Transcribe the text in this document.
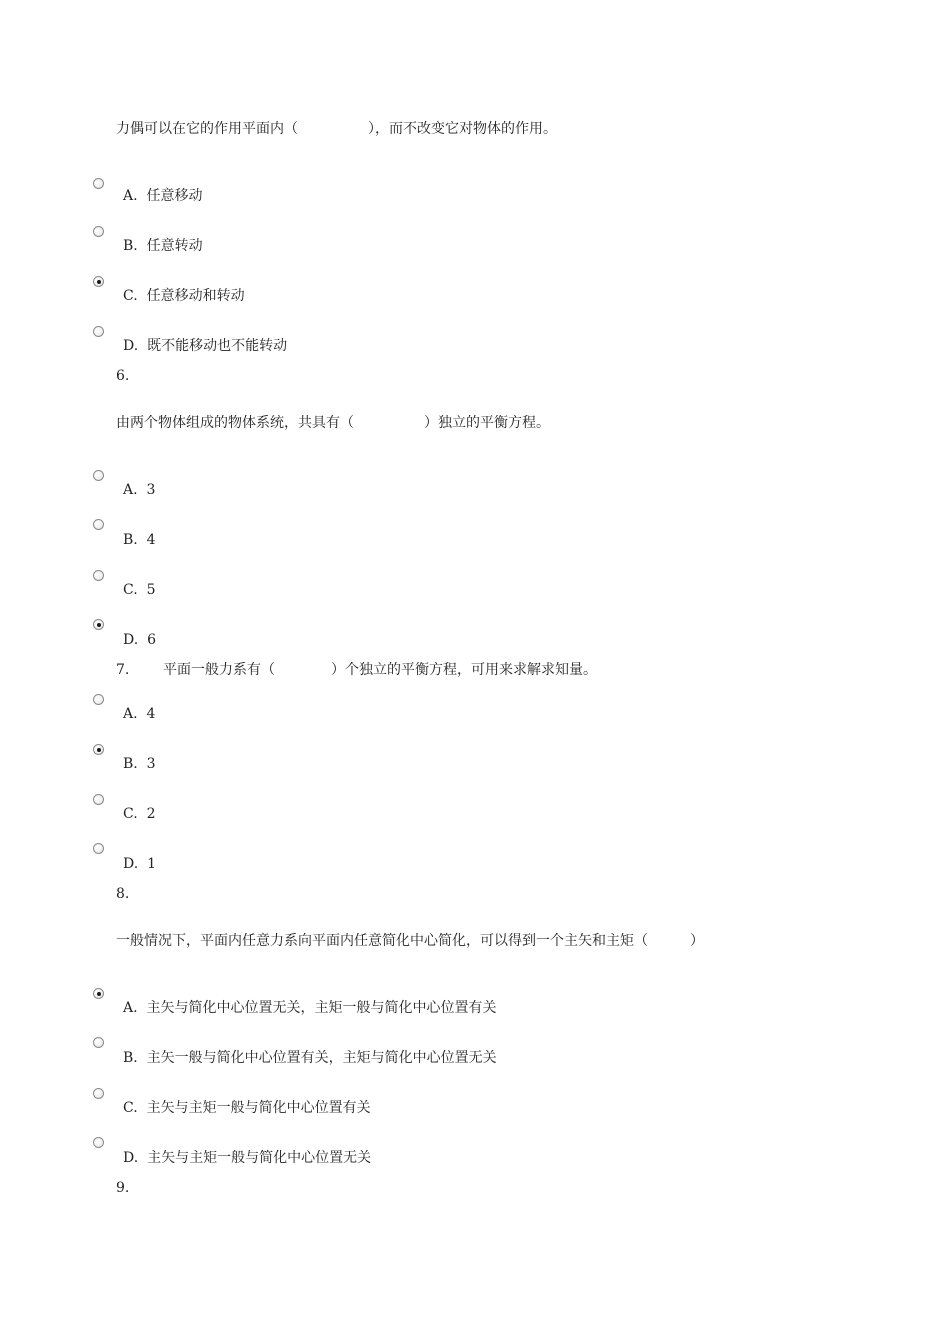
力偶可以在它的作用平面内（　　　　　），而不改变它对物体的作用。
A.  任意移动
B.  任意转动
C.  任意移动和转动
D.  既不能移动也不能转动
6.
由两个物体组成的物体系统，共具有（　　　　　）独立的平衡方程。
A.  3
B.  4
C.  5
D.  6
7. 平面一般力系有（　　　　）个独立的平衡方程，可用来求解求知量。
A.  4
B.  3
C.  2
D.  1
8.
一般情况下，平面内任意力系向平面内任意简化中心简化，可以得到一个主矢和主矩（　　　）
A.  主矢与简化中心位置无关，主矩一般与简化中心位置有关
B.  主矢一般与简化中心位置有关，主矩与简化中心位置无关
C.  主矢与主矩一般与简化中心位置有关
D.  主矢与主矩一般与简化中心位置无关
9.
